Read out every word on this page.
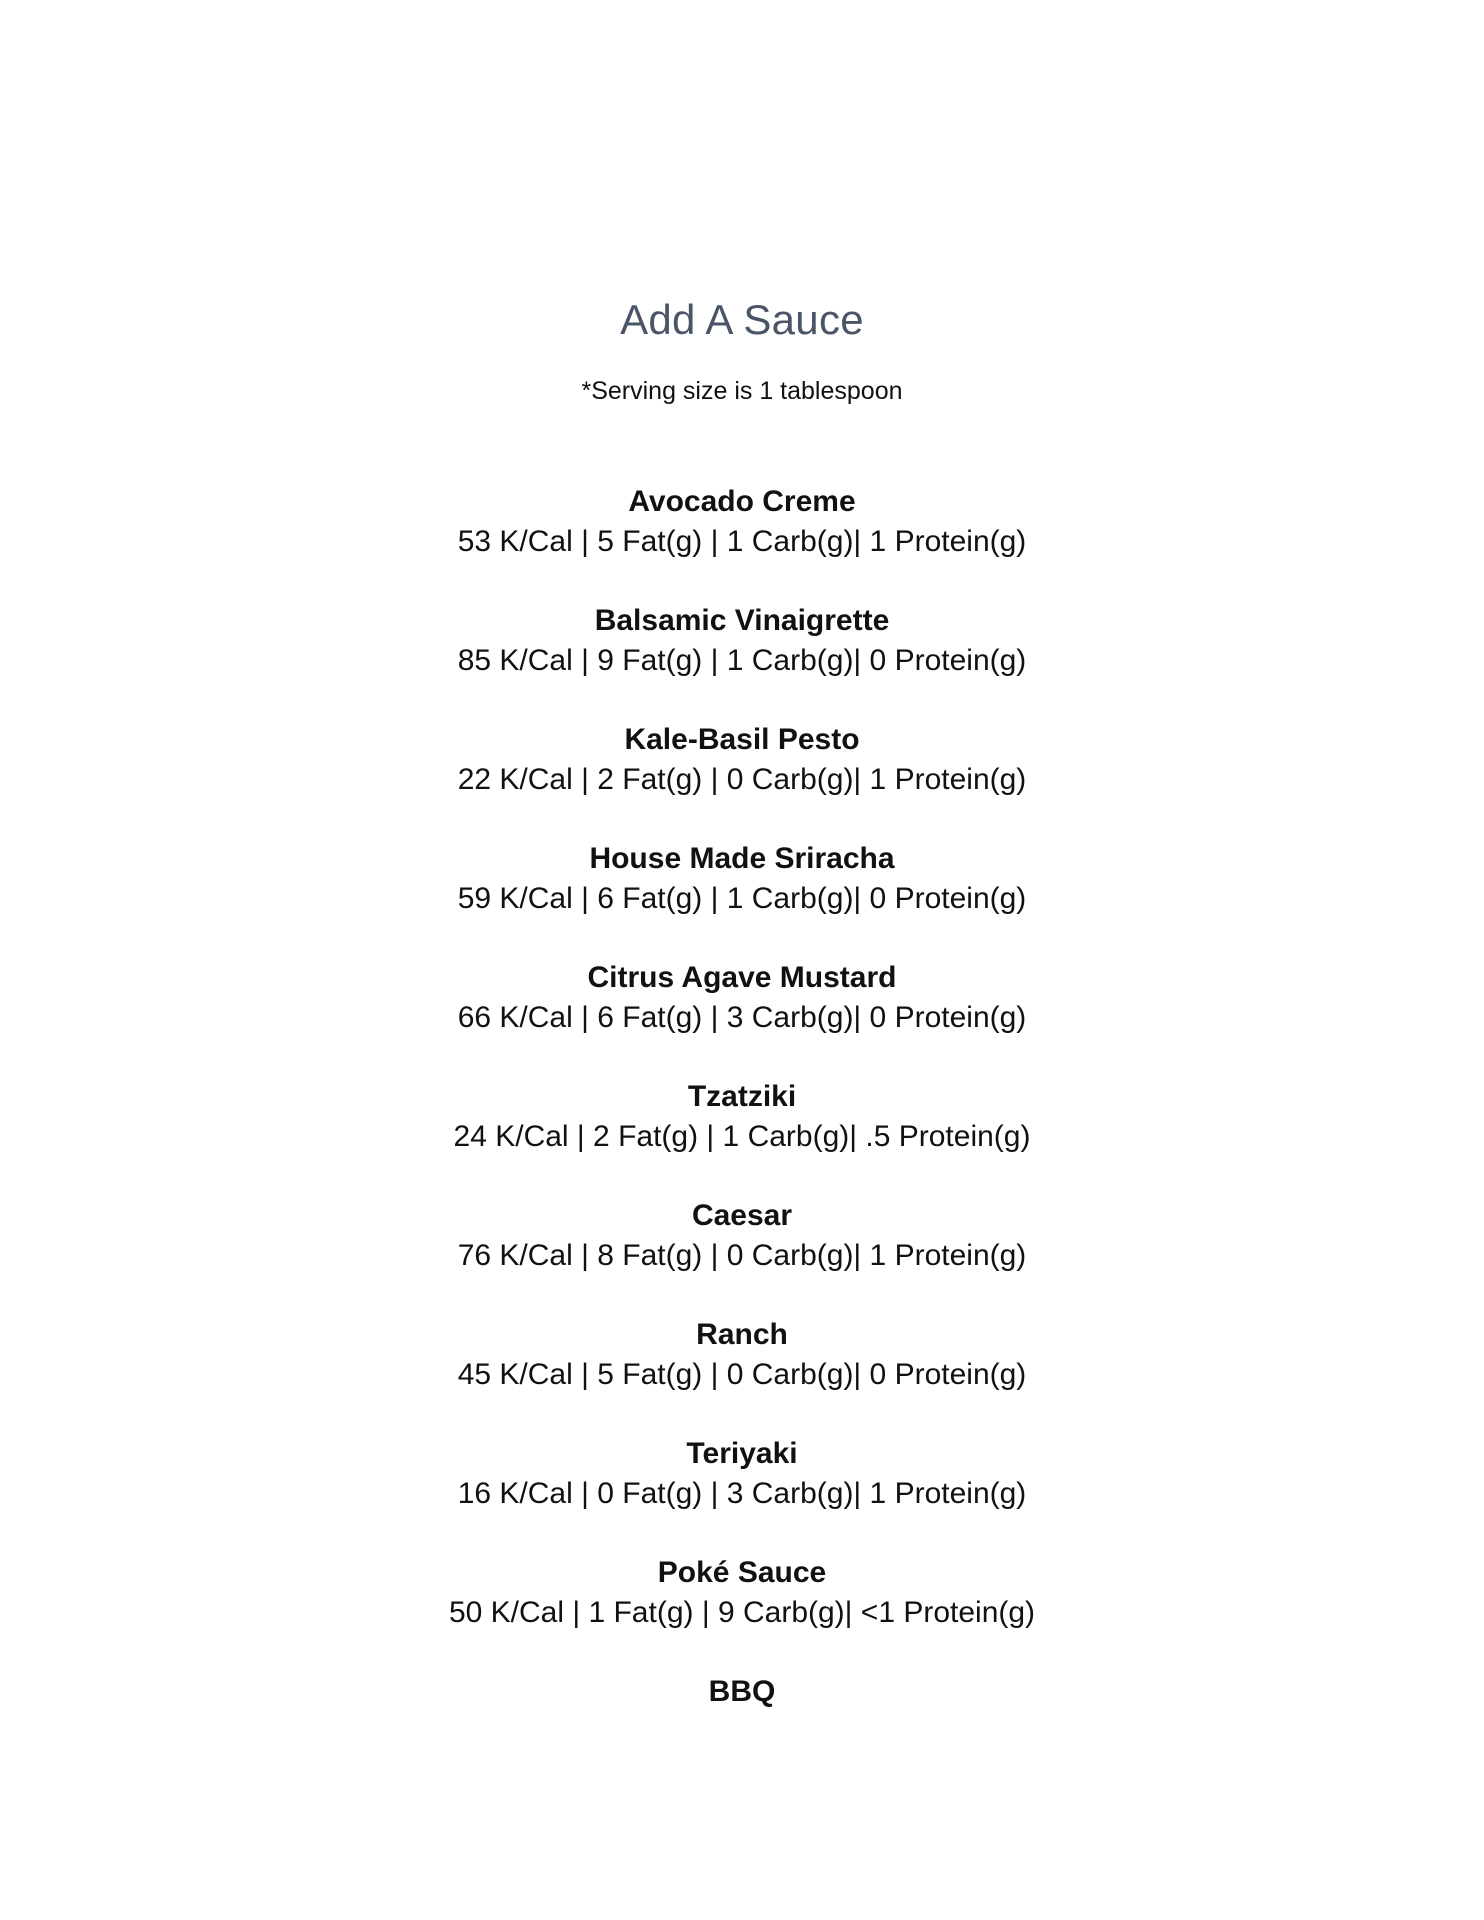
Add A Sauce
*Serving size is 1 tablespoon
Avocado Creme
53 K/Cal | 5 Fat(g) | 1 Carb(g)| 1 Protein(g)
Balsamic Vinaigrette
85 K/Cal | 9 Fat(g) | 1 Carb(g)| 0 Protein(g)
Kale-Basil Pesto
22 K/Cal | 2 Fat(g) | 0 Carb(g)| 1 Protein(g)
House Made Sriracha
59 K/Cal | 6 Fat(g) | 1 Carb(g)| 0 Protein(g)
Citrus Agave Mustard
66 K/Cal | 6 Fat(g) | 3 Carb(g)| 0 Protein(g)
Tzatziki
24 K/Cal | 2 Fat(g) | 1 Carb(g)| .5 Protein(g)
Caesar
76 K/Cal | 8 Fat(g) | 0 Carb(g)| 1 Protein(g)
Ranch
45 K/Cal | 5 Fat(g) | 0 Carb(g)| 0 Protein(g)
Teriyaki
16 K/Cal | 0 Fat(g) | 3 Carb(g)| 1 Protein(g)
Poké Sauce
50 K/Cal | 1 Fat(g) | 9 Carb(g)| <1 Protein(g)
BBQ
